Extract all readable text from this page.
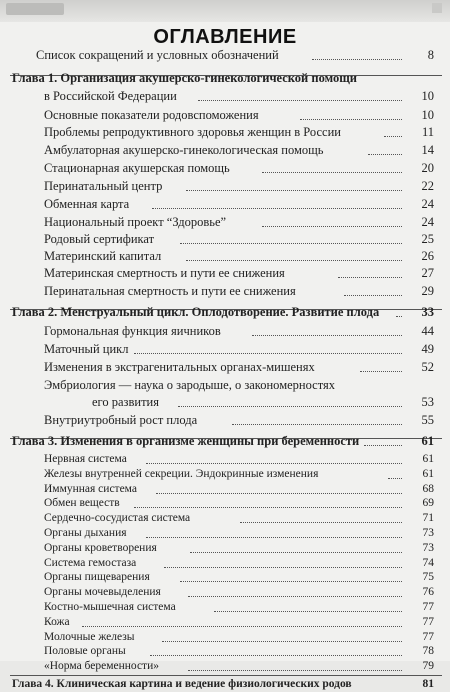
ОГЛАВЛЕНИЕ
Список сокращений и условных обозначений	8
Глава 1. Организация акушерско-гинекологической помощи
в Российской Федерации	10
Основные показатели родовспоможения	10
Проблемы репродуктивного здоровья женщин в России	11
Амбулаторная акушерско-гинекологическая помощь	14
Стационарная акушерская помощь	20
Перинатальный центр	22
Обменная карта	24
Национальный проект “Здоровье”	24
Родовый сертификат	25
Материнский капитал	26
Материнская смертность и пути ее снижения	27
Перинатальная смертность и пути ее снижения	29
Глава 2. Менструальный цикл. Оплодотворение. Развитие плода	33
Гормональная функция яичников	44
Маточный цикл	49
Изменения в экстрагенитальных органах-мишенях	52
Эмбриология — наука о зародыше, о закономерностях
его развития	53
Внутриутробный рост плода	55
Глава 3. Изменения в организме женщины при беременности	61
Нервная система	61
Железы внутренней секреции. Эндокринные изменения	61
Иммунная система	68
Обмен веществ	69
Сердечно-сосудистая система	71
Органы дыхания	73
Органы кроветворения	73
Система гемостаза	74
Органы пищеварения	75
Органы мочевыделения	76
Костно-мышечная система	77
Кожа	77
Молочные железы	77
Половые органы	78
«Норма беременности»	79
Глава 4. Клиническая картина и ведение физиологических родов	81
